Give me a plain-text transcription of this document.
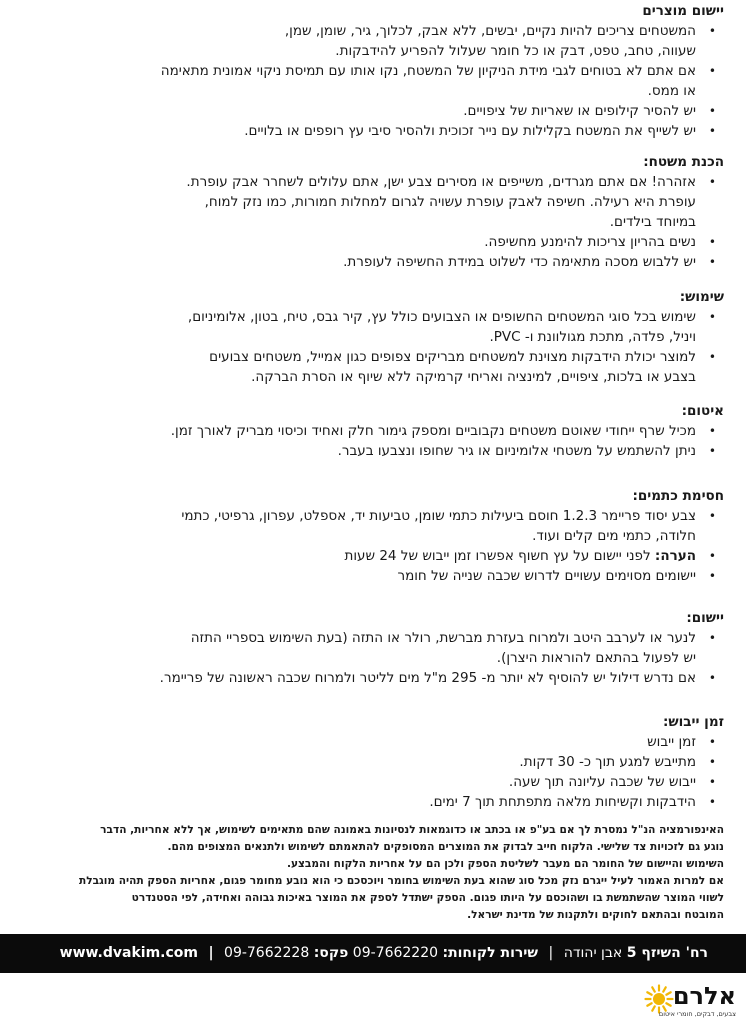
יישום מוצרים
•
המשטחים צריכים להיות נקיים, יבשים, ללא אבק, לכלוך, גיר, שומן, שמן,
שעווה, טחב, טפט, דבק או כל חומר שעלול להפריע להידבקות.
•
אם אתם לא בטוחים לגבי מידת הניקיון של המשטח, נקו אותו עם תמיסת ניקוי אמונית מתאימה
או ממס.
•
יש להסיר קילופים או שאריות של ציפויים.
•
יש לשייף את המשטח בקלילות עם נייר זכוכית ולהסיר סיבי עץ רופפים או בלויים.
הכנת משטח:
•
אזהרה! אם אתם מגרדים, משייפים או מסירים צבע ישן, אתם עלולים לשחרר אבק עופרת.
עופרת היא רעילה. חשיפה לאבק עופרת עשויה לגרום למחלות חמורות, כמו נזק למוח,
במיוחד בילדים.
•
נשים בהריון צריכות להימנע מחשיפה.
•
יש ללבוש מסכה מתאימה כדי לשלוט במידת החשיפה לעופרת.
שימוש:
•
שימוש בכל סוגי המשטחים החשופים או הצבועים כולל עץ, קיר גבס, טיח, בטון, אלומיניום,
ויניל, פלדה, מתכת מגולוונת ו- PVC.
•
למוצר יכולת הידבקות מצוינת למשטחים מבריקים צפופים כגון אמייל, משטחים צבועים
בצבע או בלכות, ציפויים, למינציה ואריחי קרמיקה ללא שיוף או הסרת הברקה.
איטום:
•
מכיל שרף ייחודי שאוטם משטחים נקבוביים ומספק גימור חלק ואחיד וכיסוי מבריק לאורך זמן.
•
ניתן להשתמש על משטחי אלומיניום או גיר שחופו ונצבעו בעבר.
חסימת כתמים:
•
צבע יסוד פריימר 1.2.3 חוסם ביעילות כתמי שומן, טביעות יד, אספלט, עפרון, גרפיטי, כתמי
חלודה, כתמי מים קלים ועוד.
•
הערה: לפני יישום על עץ חשוף אפשרו זמן ייבוש של 24 שעות
•
יישומים מסוימים עשויים לדרוש שכבה שנייה של חומר
יישום:
•
לנער או לערבב היטב ולמרוח בעזרת מברשת, רולר או התזה (בעת השימוש בספריי התזה
יש לפעול בהתאם להוראות היצרן).
•
אם נדרש דילול יש להוסיף לא יותר מ- 295 מ"ל מים לליטר ולמרוח שכבה ראשונה של פריימר.
זמן ייבוש:
•
זמן ייבוש
•
מתייבש למגע תוך כ- 30 דקות.
•
ייבוש של שכבה עליונה תוך שעה.
•
הידבקות וקשיחות מלאה מתפתחת תוך 7 ימים.

האינפורמציה הנ"ל נמסרת לך אם בע"פ או בכתב או כדוגמאות לנסיונות באמונה שהם מתאימים לשימוש, אך ללא אחריות, הדבר

נוגע גם לזכויות צד שלישי. הלקוח חייב לבדוק את המוצרים המסופקים להתאמתם לשימוש ולתנאים המצופים מהם.

השימוש והיישום של החומר הם מעבר לשליטת הספק ולכן הם על אחריות הלקוח והמבצע.

אם למרות האמור לעיל ייגרם נזק מכל סוג שהוא בעת השימוש בחומר ויוכסכם כי הוא נובע מחומר פגום, אחריות הספק תהיה מוגבלת

לשווי המוצר שהשתמשת בו ושהוכסם על היותו פגום. הספק ישתדל לספק את המוצר באיכות גבוהה ואחידה, לפי הסטנדרט

המובטח ובהתאם לחוקים ולתקנות של מדינת ישראל.

רח' השיזף 5 אבן יהודה | שירות לקוחות: 09-7662220 פקס: 09-7662228 | www.dvakim.com
אלרם
צבעים, דבקים, חומרי איטום
